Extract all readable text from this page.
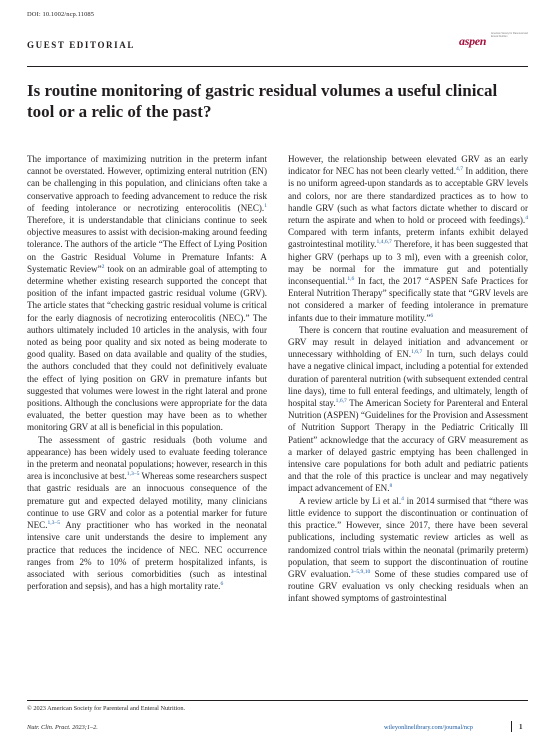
DOI: 10.1002/ncp.11085
GUEST EDITORIAL	aspen American Society for Parenteral and Enteral Nutrition
Is routine monitoring of gastric residual volumes a useful clinical tool or a relic of the past?

The importance of maximizing nutrition in the preterm infant cannot be overstated. However, optimizing enteral nutrition (EN) can be challenging in this population, and clinicians often take a conservative approach to feeding advancement to reduce the risk of feeding intolerance or necrotizing enterocolitis (NEC).$^1$ Therefore, it is understandable that clinicians continue to seek objective measures to assist with decision-making around feeding tolerance. The authors of the article “The Effect of Lying Position on the Gastric Residual Volume in Premature Infants: A Systematic Review”$^2$ took on an admirable goal of attempting to determine whether existing research supported the concept that position of the infant impacted gastric residual volume (GRV). The article states that “checking gastric residual volume is critical for the early diagnosis of necrotizing enterocolitis (NEC).” The authors ultimately included 10 articles in the analysis, with four noted as being poor quality and six noted as being moderate to good quality. Based on data available and quality of the studies, the authors concluded that they could not definitively evaluate the effect of lying position on GRV in premature infants but suggested that volumes were lowest in the right lateral and prone positions. Although the conclusions were appropriate for the data evaluated, the better question may have been as to whether monitoring GRV at all is beneficial in this population.

The assessment of gastric residuals (both volume and appearance) has been widely used to evaluate feeding tolerance in the preterm and neonatal populations; however, research in this area is inconclusive at best.$^{1,3-5}$ Whereas some researchers suspect that gastric residuals are an innocuous consequence of the premature gut and expected delayed motility, many clinicians continue to use GRV and color as a potential marker for future NEC.$^{1,3-5}$ Any practitioner who has worked in the neonatal intensive care unit understands the desire to implement any practice that reduces the incidence of NEC. NEC occurrence ranges from 2% to 10% of preterm hospitalized infants, is associated with serious comorbidities (such as intestinal perforation and sepsis), and has a high mortality rate.$^6$

However, the relationship between elevated GRV as an early indicator for NEC has not been clearly vetted.$^{4,7}$ In addition, there is no uniform agreed-upon standards as to acceptable GRV levels and colors, nor are there standardized practices as to how to handle GRV (such as what factors dictate whether to discard or return the aspirate and when to hold or proceed with feedings).$^4$ Compared with term infants, preterm infants exhibit delayed gastrointestinal motility.$^{1,4,6,7}$ Therefore, it has been suggested that higher GRV (perhaps up to 3 ml), even with a greenish color, may be normal for the immature gut and potentially inconsequential.$^{1,6}$ In fact, the 2017 “ASPEN Safe Practices for Enteral Nutrition Therapy” specifically state that “GRV levels are not considered a marker of feeding intolerance in premature infants due to their immature motility.”$^6$

There is concern that routine evaluation and measurement of GRV may result in delayed initiation and advancement or unnecessary withholding of EN.$^{1,6,7}$ In turn, such delays could have a negative clinical impact, including a potential for extended duration of parenteral nutrition (with subsequent extended central line days), time to full enteral feedings, and ultimately, length of hospital stay.$^{1,6,7}$ The American Society for Parenteral and Enteral Nutrition (ASPEN) “Guidelines for the Provision and Assessment of Nutrition Support Therapy in the Pediatric Critically Ill Patient” acknowledge that the accuracy of GRV measurement as a marker of delayed gastric emptying has been challenged in intensive care populations for both adult and pediatric patients and that the role of this practice is unclear and may negatively impact advancement of EN.$^8$

A review article by Li et al.$^4$ in 2014 surmised that “there was little evidence to support the discontinuation or continuation of this practice.” However, since 2017, there have been several publications, including systematic review articles as well as randomized control trials within the neonatal (primarily preterm) population, that seem to support the discontinuation of routine GRV evaluation.$^{3-5,9,10}$ Some of these studies compared use of routine GRV evaluation vs only checking residuals when an infant showed symptoms of gastrointestinal

© 2023 American Society for Parenteral and Enteral Nutrition.
Nutr. Clin. Pract. 2023;1–2.	wileyonlinelibrary.com/journal/ncp	1
